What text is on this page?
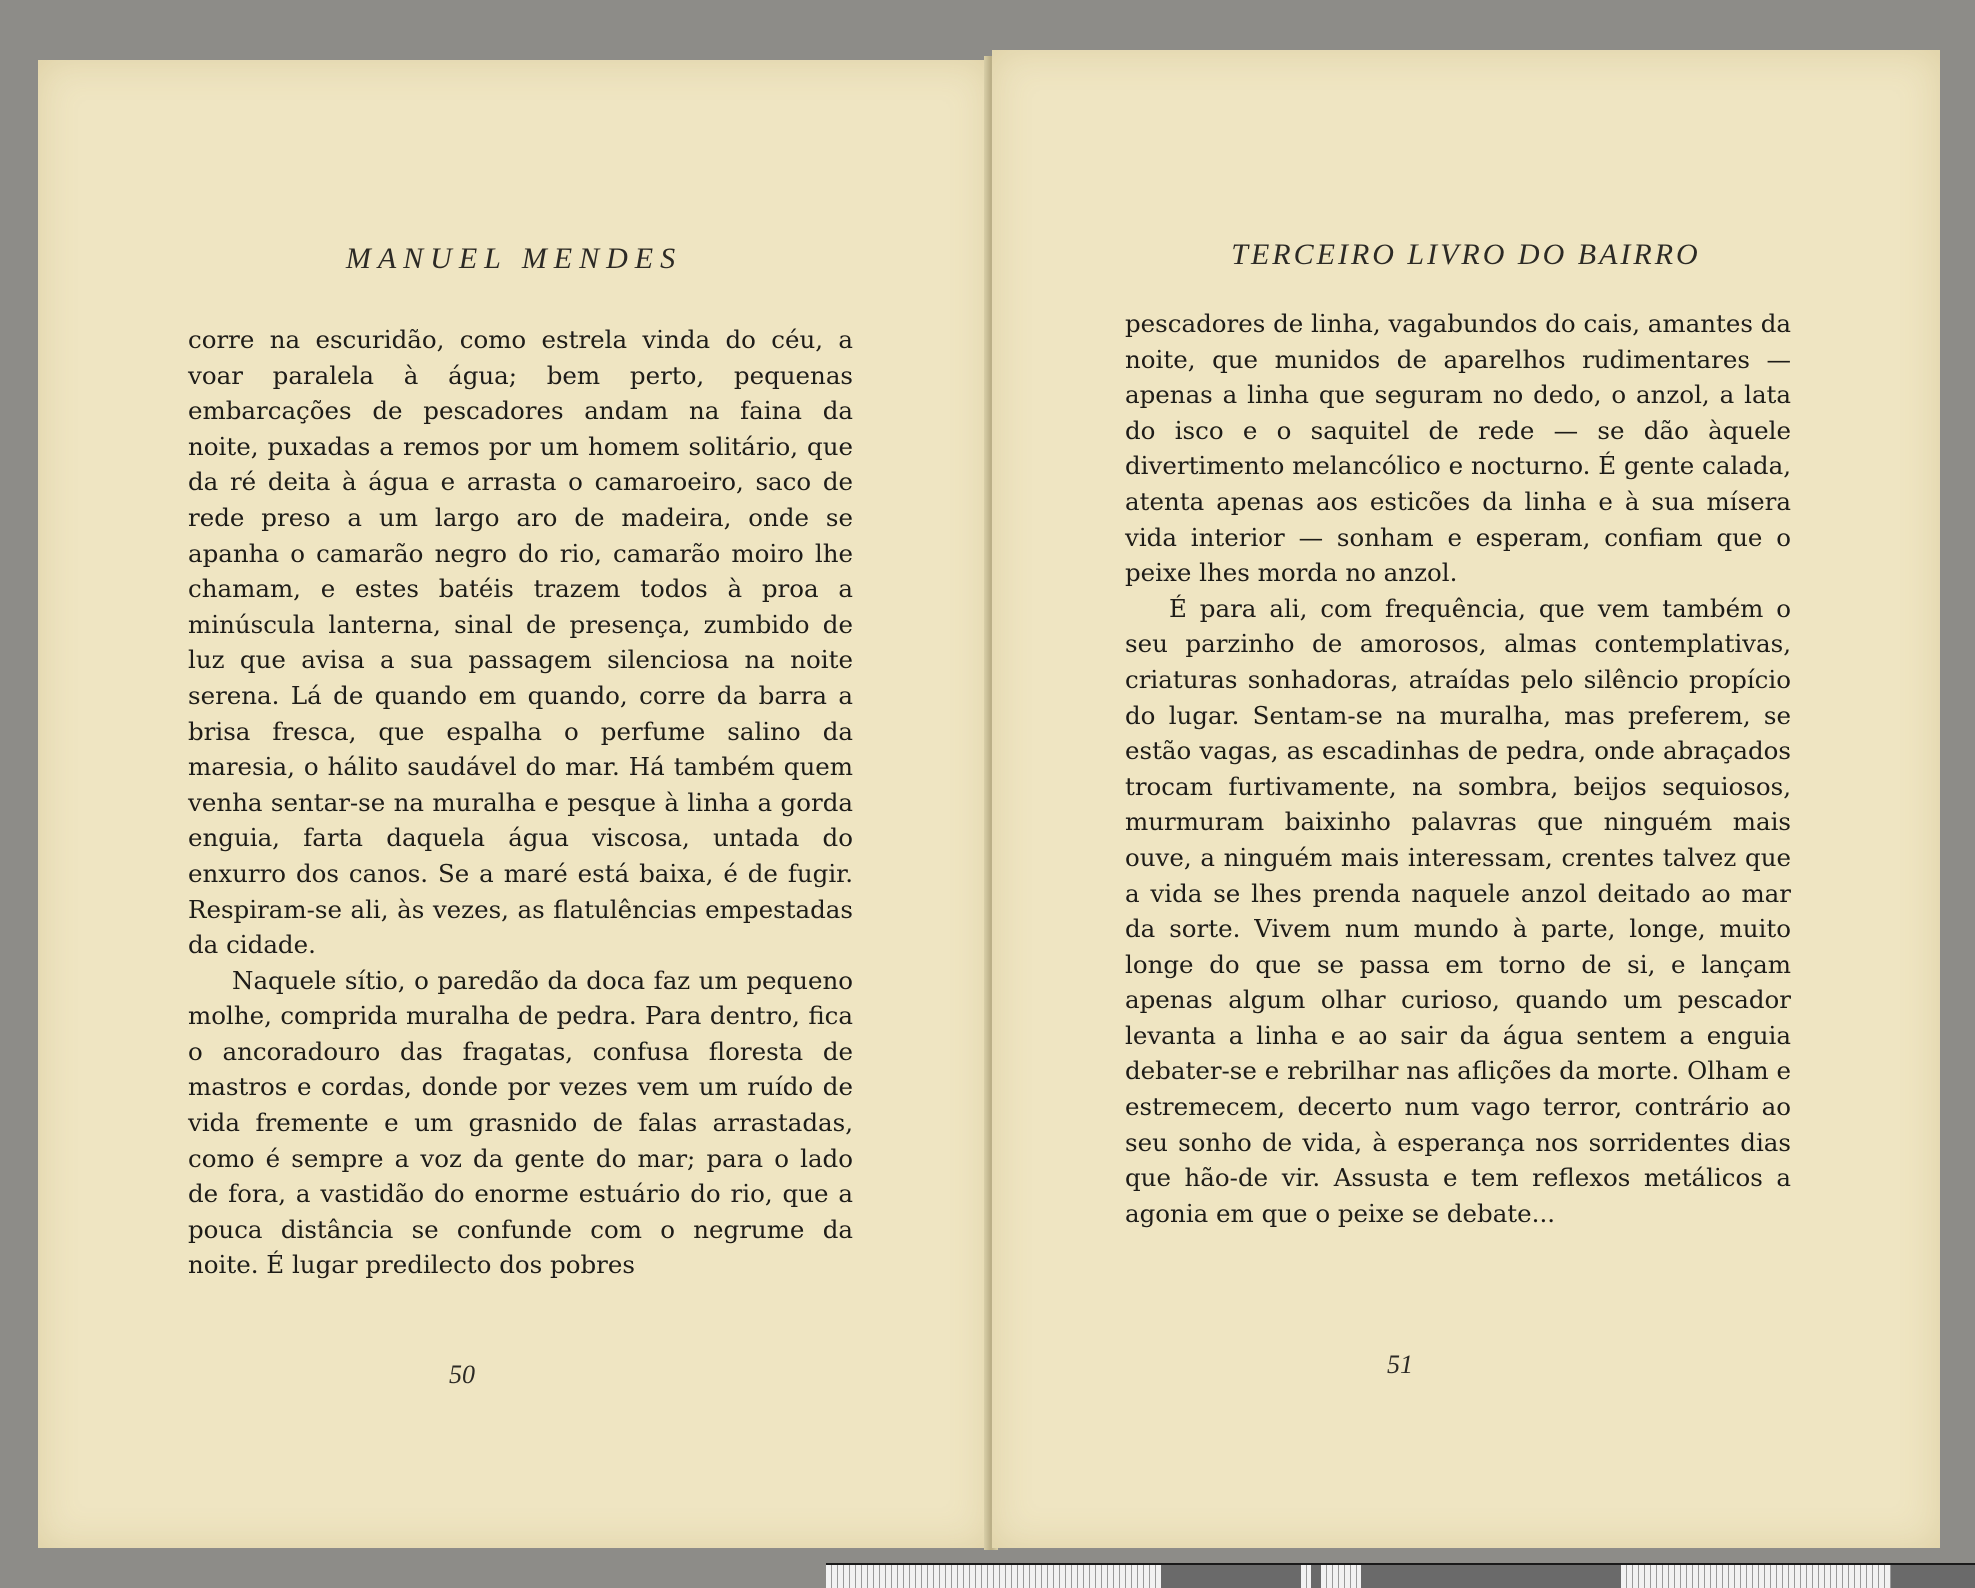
MANUEL MENDES

corre na escuridão, como estrela vinda do céu, a voar paralela à água; bem perto, pequenas embarcações de pescadores andam na faina da noite, puxadas a remos por um homem solitário, que da ré deita à água e arrasta o camaroeiro, saco de rede preso a um largo aro de madeira, onde se apanha o camarão negro do rio, camarão moiro lhe chamam, e estes batéis trazem todos à proa a minúscula lanterna, sinal de presença, zumbido de luz que avisa a sua passagem silenciosa na noite serena. Lá de quando em quando, corre da barra a brisa fresca, que espalha o perfume salino da maresia, o hálito saudável do mar. Há também quem venha sentar-se na muralha e pesque à linha a gorda enguia, farta daquela água viscosa, untada do enxurro dos canos. Se a maré está baixa, é de fugir. Respiram-se ali, às vezes, as flatulências empestadas da cidade.

Naquele sítio, o paredão da doca faz um pequeno molhe, comprida muralha de pedra. Para dentro, fica o ancoradouro das fragatas, confusa floresta de mastros e cordas, donde por vezes vem um ruído de vida fremente e um grasnido de falas arrastadas, como é sempre a voz da gente do mar; para o lado de fora, a vastidão do enorme estuário do rio, que a pouca distância se confunde com o negrume da noite. É lugar predilecto dos pobres

50
TERCEIRO LIVRO DO BAIRRO

pescadores de linha, vagabundos do cais, amantes da noite, que munidos de aparelhos rudimentares — apenas a linha que seguram no dedo, o anzol, a lata do isco e o saquitel de rede — se dão àquele divertimento melancólico e nocturno. É gente calada, atenta apenas aos esticões da linha e à sua mísera vida interior — sonham e esperam, confiam que o peixe lhes morda no anzol.

É para ali, com frequência, que vem também o seu parzinho de amorosos, almas contemplativas, criaturas sonhadoras, atraídas pelo silêncio propício do lugar. Sentam-se na muralha, mas preferem, se estão vagas, as escadinhas de pedra, onde abraçados trocam furtivamente, na sombra, beijos sequiosos, murmuram baixinho palavras que ninguém mais ouve, a ninguém mais interessam, crentes talvez que a vida se lhes prenda naquele anzol deitado ao mar da sorte. Vivem num mundo à parte, longe, muito longe do que se passa em torno de si, e lançam apenas algum olhar curioso, quando um pescador levanta a linha e ao sair da água sentem a enguia debater-se e rebrilhar nas aflições da morte. Olham e estremecem, decerto num vago terror, contrário ao seu sonho de vida, à esperança nos sorridentes dias que hão-de vir. Assusta e tem reflexos metálicos a agonia em que o peixe se debate...

51
